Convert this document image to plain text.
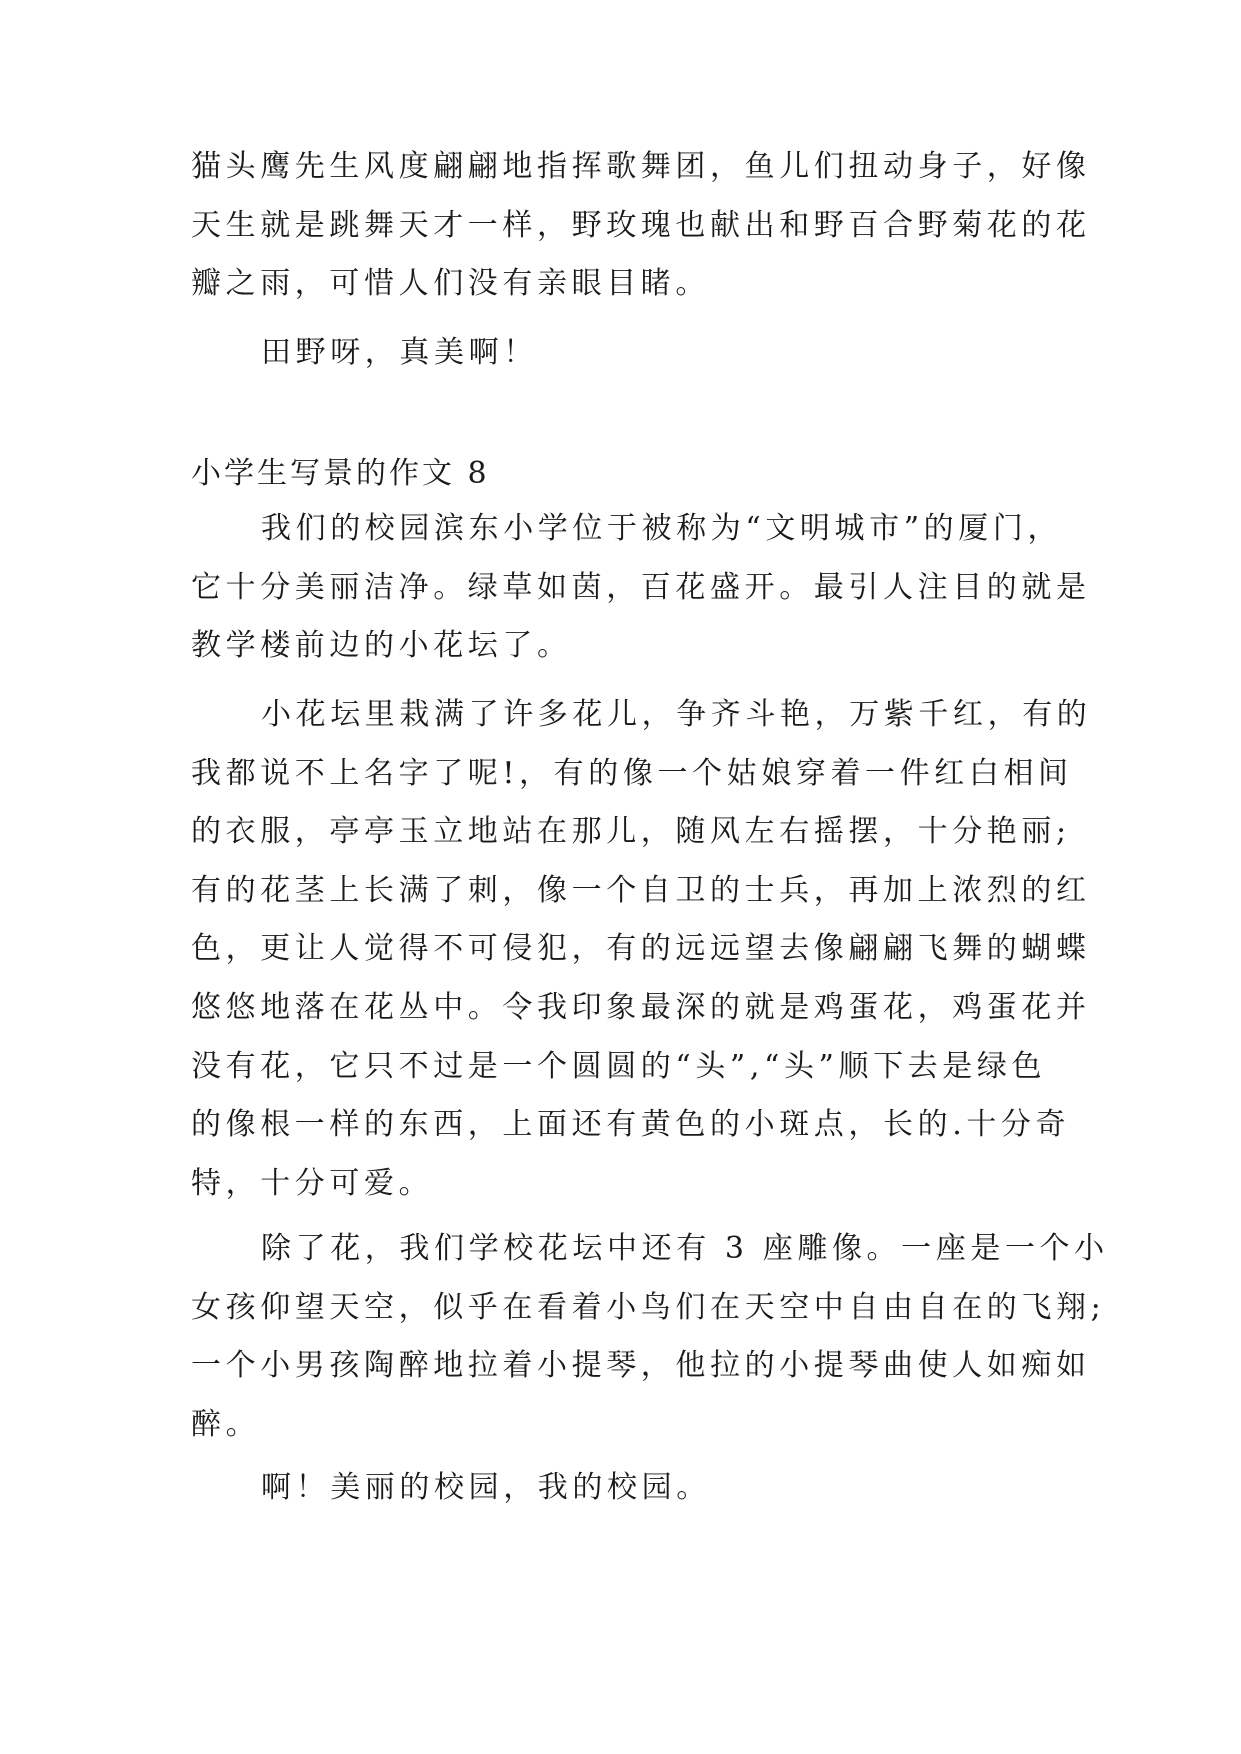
猫头鹰先生风度翩翩地指挥歌舞团，鱼儿们扭动身子，好像
天生就是跳舞天才一样，野玫瑰也献出和野百合野菊花的花
瓣之雨，可惜人们没有亲眼目睹。
田野呀，真美啊！
小学生写景的作文 8
我们的校园滨东小学位于被称为“文明城市”的厦门，
它十分美丽洁净。绿草如茵，百花盛开。最引人注目的就是
教学楼前边的小花坛了。
小花坛里栽满了许多花儿，争齐斗艳，万紫千红，有的
我都说不上名字了呢!，有的像一个姑娘穿着一件红白相间
的衣服，亭亭玉立地站在那儿，随风左右摇摆，十分艳丽;
有的花茎上长满了刺，像一个自卫的士兵，再加上浓烈的红
色，更让人觉得不可侵犯，有的远远望去像翩翩飞舞的蝴蝶
悠悠地落在花丛中。令我印象最深的就是鸡蛋花，鸡蛋花并
没有花，它只不过是一个圆圆的“头”,“头”顺下去是绿色
的像根一样的东西，上面还有黄色的小斑点，长的.十分奇
特，十分可爱。
除了花，我们学校花坛中还有 3 座雕像。一座是一个小
女孩仰望天空，似乎在看着小鸟们在天空中自由自在的飞翔;
一个小男孩陶醉地拉着小提琴，他拉的小提琴曲使人如痴如
醉。
啊！美丽的校园，我的校园。
